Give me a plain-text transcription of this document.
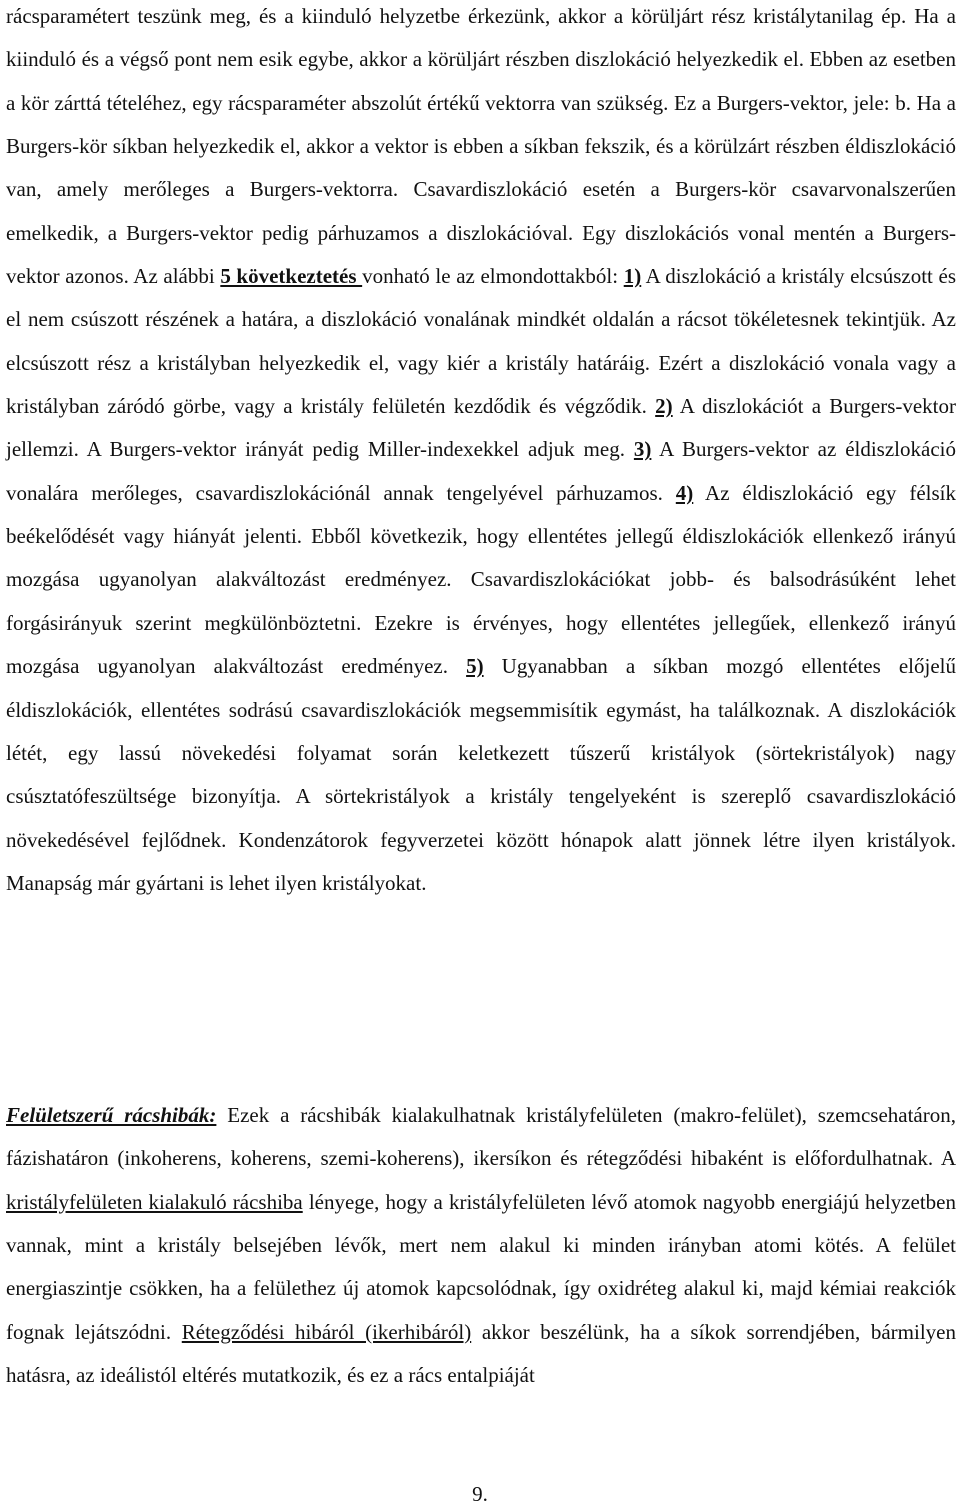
rácsparamétert teszünk meg, és a kiinduló helyzetbe érkezünk, akkor a körüljárt rész kristálytanilag ép. Ha a kiinduló és a végső pont nem esik egybe, akkor a körüljárt részben diszlokáció helyezkedik el. Ebben az esetben a kör zárttá tételéhez, egy rácsparaméter abszolút értékű vektorra van szükség. Ez a Burgers-vektor, jele: b. Ha a Burgers-kör síkban helyezkedik el, akkor a vektor is ebben a síkban fekszik, és a körülzárt részben éldiszlokáció van, amely merőleges a Burgers-vektorra. Csavardiszlokáció esetén a Burgers-kör csavarvonalszerűen emelkedik, a Burgers-vektor pedig párhuzamos a diszlokációval. Egy diszlokációs vonal mentén a Burgers-vektor azonos. Az alábbi 5 következtetés vonható le az elmondottakból: 1) A diszlokáció a kristály elcsúszott és el nem csúszott részének a határa, a diszlokáció vonalának mindkét oldalán a rácsot tökéletesnek tekintjük. Az elcsúszott rész a kristályban helyezkedik el, vagy kiér a kristály határáig. Ezért a diszlokáció vonala vagy a kristályban záródó görbe, vagy a kristály felületén kezdődik és végződik. 2) A diszlokációt a Burgers-vektor jellemzi. A Burgers-vektor irányát pedig Miller-indexekkel adjuk meg. 3) A Burgers-vektor az éldiszlokáció vonalára merőleges, csavardiszlokációnál annak tengelyével párhuzamos. 4) Az éldiszlokáció egy félsík beékelődését vagy hiányát jelenti. Ebből következik, hogy ellentétes jellegű éldiszlokációk ellenkező irányú mozgása ugyanolyan alakváltozást eredményez. Csavardiszlokációkat jobb- és balsodrásúként lehet forgásirányuk szerint megkülönböztetni. Ezekre is érvényes, hogy ellentétes jellegűek, ellenkező irányú mozgása ugyanolyan alakváltozást eredményez. 5) Ugyanabban a síkban mozgó ellentétes előjelű éldiszlokációk, ellentétes sodrású csavardiszlokációk megsemmisítik egymást, ha találkoznak. A diszlokációk létét, egy lassú növekedési folyamat során keletkezett tűszerű kristályok (sörtekristályok) nagy csúsztatófeszültsége bizonyítja. A sörtekristályok a kristály tengelyeként is szereplő csavardiszlokáció növekedésével fejlődnek. Kondenzátorok fegyverzetei között hónapok alatt jönnek létre ilyen kristályok. Manapság már gyártani is lehet ilyen kristályokat.

Felületszerű rácshibák: Ezek a rácshibák kialakulhatnak kristályfelületen (makro-felület), szemcsehatáron, fázishatáron (inkoherens, koherens, szemi-koherens), ikersíkon és rétegződési hibaként is előfordulhatnak. A kristályfelületen kialakuló rácshiba lényege, hogy a kristályfelületen lévő atomok nagyobb energiájú helyzetben vannak, mint a kristály belsejében lévők, mert nem alakul ki minden irányban atomi kötés. A felület energiaszintje csökken, ha a felülethez új atomok kapcsolódnak, így oxidréteg alakul ki, majd kémiai reakciók fognak lejátszódni. Rétegződési hibáról (ikerhibáról) akkor beszélünk, ha a síkok sorrendjében, bármilyen hatásra, az ideálistól eltérés mutatkozik, és ez a rács entalpiáját

9.
